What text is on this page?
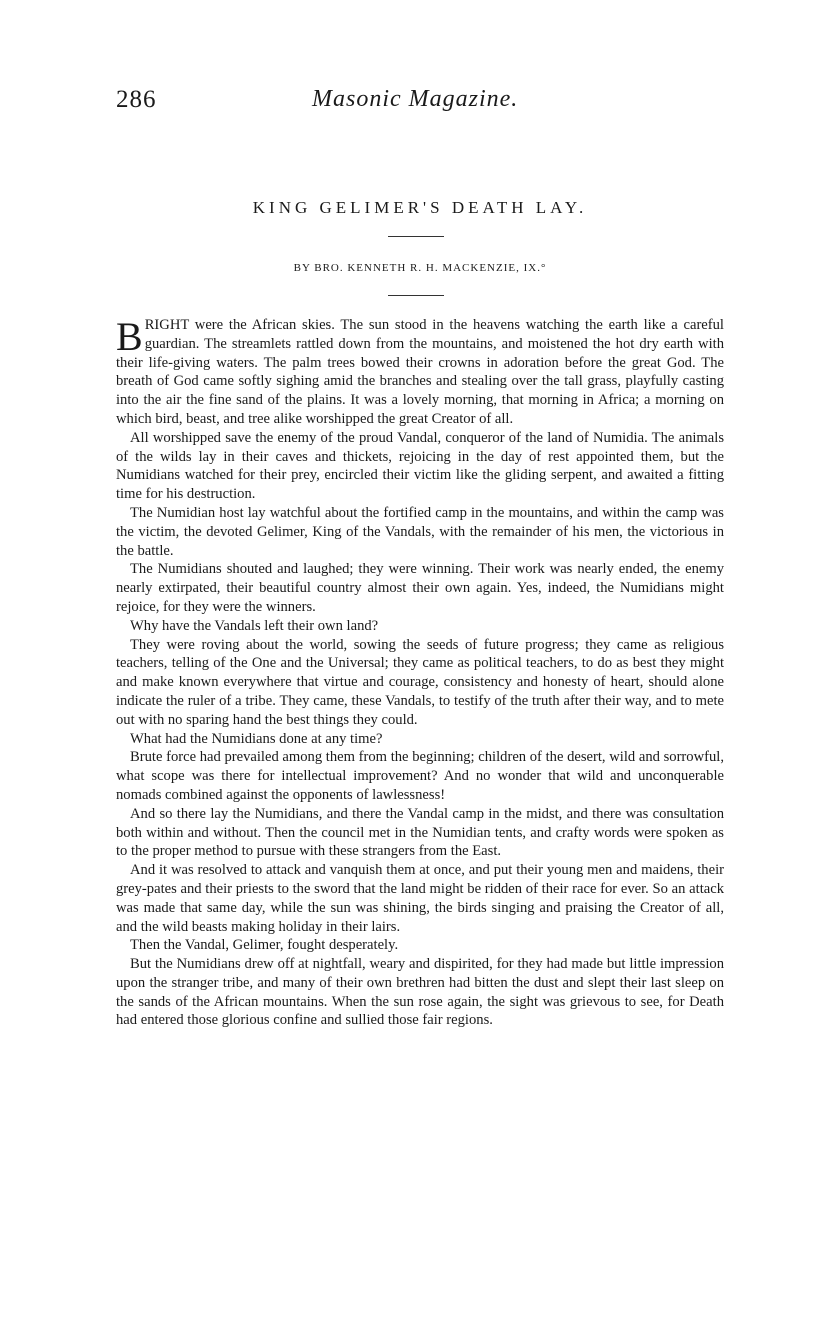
286	Masonic Magazine.
KING GELIMER'S DEATH LAY.
BY BRO. KENNETH R. H. MACKENZIE, IX.°

BRIGHT were the African skies. The sun stood in the heavens watching the earth like a careful guardian. The streamlets rattled down from the mountains, and moistened the hot dry earth with their life-giving waters. The palm trees bowed their crowns in adoration before the great God. The breath of God came softly sighing amid the branches and stealing over the tall grass, playfully casting into the air the fine sand of the plains. It was a lovely morning, that morning in Africa; a morning on which bird, beast, and tree alike worshipped the great Creator of all.

All worshipped save the enemy of the proud Vandal, conqueror of the land of Numidia. The animals of the wilds lay in their caves and thickets, rejoicing in the day of rest appointed them, but the Numidians watched for their prey, encircled their victim like the gliding serpent, and awaited a fitting time for his destruction.

The Numidian host lay watchful about the fortified camp in the mountains, and within the camp was the victim, the devoted Gelimer, King of the Vandals, with the remainder of his men, the victorious in the battle.

The Numidians shouted and laughed; they were winning. Their work was nearly ended, the enemy nearly extirpated, their beautiful country almost their own again. Yes, indeed, the Numidians might rejoice, for they were the winners.

Why have the Vandals left their own land?

They were roving about the world, sowing the seeds of future progress; they came as religious teachers, telling of the One and the Universal; they came as political teachers, to do as best they might and make known everywhere that virtue and courage, consistency and honesty of heart, should alone indicate the ruler of a tribe. They came, these Vandals, to testify of the truth after their way, and to mete out with no sparing hand the best things they could.

What had the Numidians done at any time?

Brute force had prevailed among them from the beginning; children of the desert, wild and sorrowful, what scope was there for intellectual improvement? And no wonder that wild and unconquerable nomads combined against the opponents of lawlessness!

And so there lay the Numidians, and there the Vandal camp in the midst, and there was consultation both within and without. Then the council met in the Numidian tents, and crafty words were spoken as to the proper method to pursue with these strangers from the East.

And it was resolved to attack and vanquish them at once, and put their young men and maidens, their grey-pates and their priests to the sword that the land might be ridden of their race for ever. So an attack was made that same day, while the sun was shining, the birds singing and praising the Creator of all, and the wild beasts making holiday in their lairs.

Then the Vandal, Gelimer, fought desperately.

But the Numidians drew off at nightfall, weary and dispirited, for they had made but little impression upon the stranger tribe, and many of their own brethren had bitten the dust and slept their last sleep on the sands of the African mountains. When the sun rose again, the sight was grievous to see, for Death had entered those glorious confine and sullied those fair regions.
